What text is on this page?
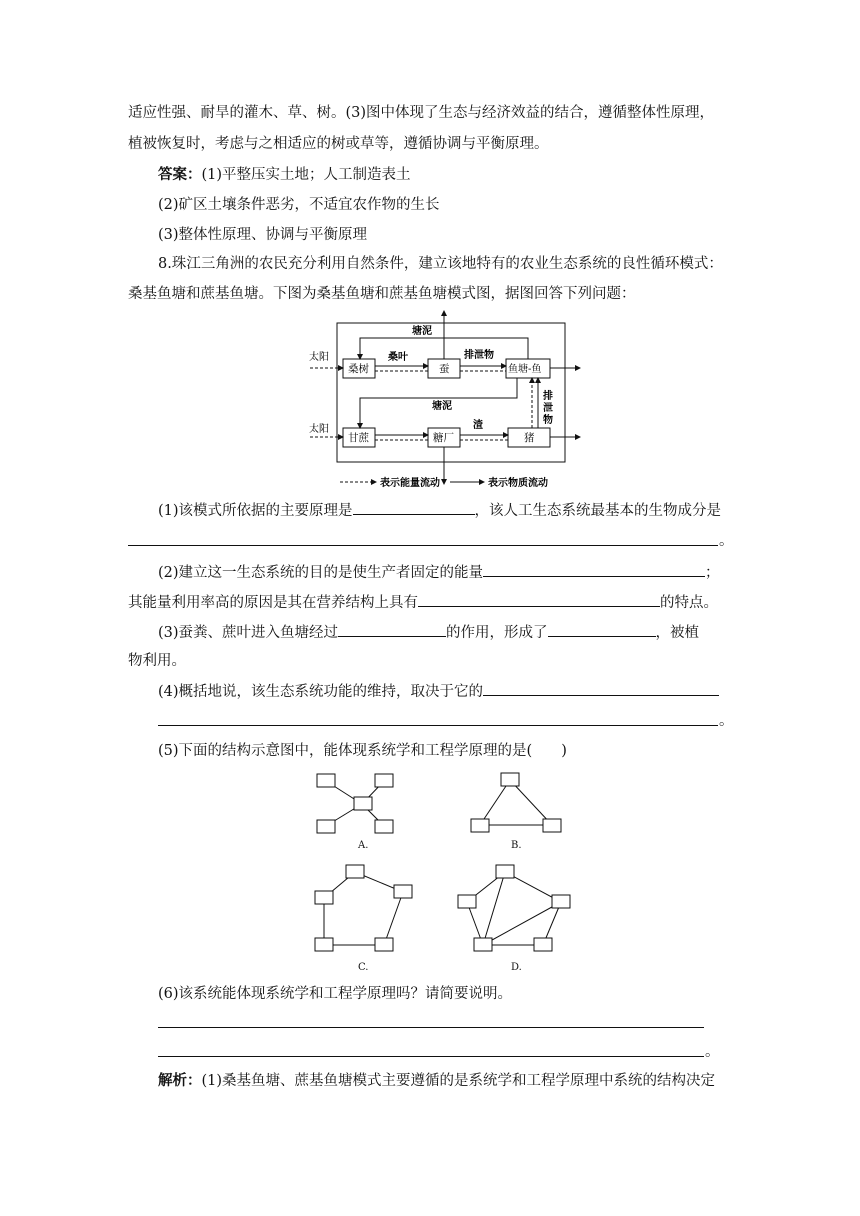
适应性强、耐旱的灌木、草、树。(3)图中体现了生态与经济效益的结合，遵循整体性原理，
植被恢复时，考虑与之相适应的树或草等，遵循协调与平衡原理。
答案：(1)平整压实土地；人工制造表土
(2)矿区土壤条件恶劣，不适宜农作物的生长
(3)整体性原理、协调与平衡原理
8.珠江三角洲的农民充分利用自然条件，建立该地特有的农业生态系统的良性循环模式：
桑基鱼塘和蔗基鱼塘。下图为桑基鱼塘和蔗基鱼塘模式图，据图回答下列问题：
太阳
太阳
桑树	蚕	鱼塘-鱼
甘蔗	糖厂	猪
塘泥
塘泥
桑叶	排泄物
渣
排
泄
物
表示能量流动	表示物质流动
(1)该模式所依据的主要原理是	，该人工生态系统最基本的生物成分是
。
(2)建立这一生态系统的目的是使生产者固定的能量	；
其能量利用率高的原因是其在营养结构上具有	的特点。
(3)蚕粪、蔗叶进入鱼塘经过	的作用，形成了	，被植
物利用。
(4)概括地说，该生态系统功能的维持，取决于它的
。
(5)下面的结构示意图中，能体现系统学和工程学原理的是(　　)
A.	B.
C.	D.
(6)该系统能体现系统学和工程学原理吗？请简要说明。
。
解析：(1)桑基鱼塘、蔗基鱼塘模式主要遵循的是系统学和工程学原理中系统的结构决定
